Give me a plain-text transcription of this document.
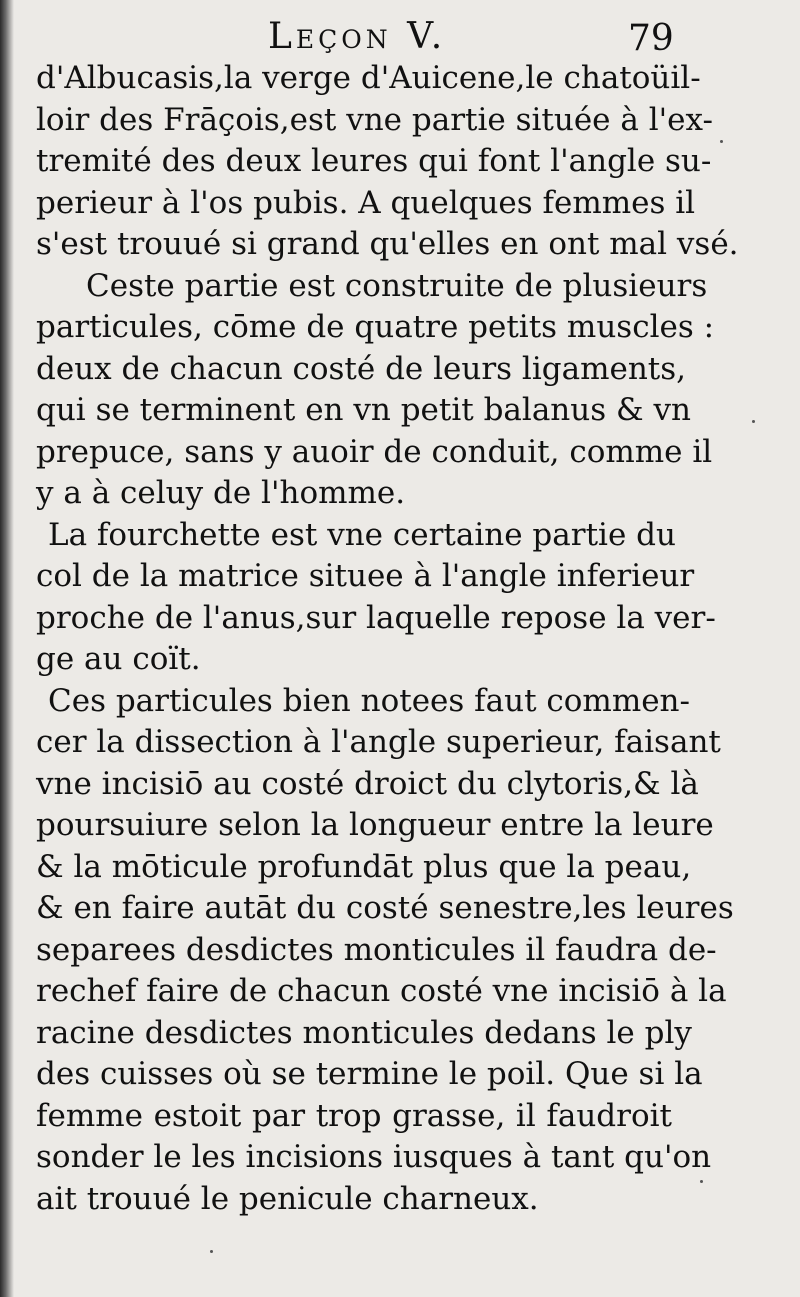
Leçon V.	79
d'Albucasis,la verge d'Auicene,le chatoüil-
loir des Frāçois,est vne partie située à l'ex-
tremité des deux leures qui font l'angle su-
perieur à l'os pubis. A quelques femmes il
s'est trouué si grand qu'elles en ont mal vsé.
Ceste partie est construite de plusieurs
particules, cōme de quatre petits muscles :
deux de chacun costé de leurs ligaments,
qui se terminent en vn petit balanus & vn
prepuce, sans y auoir de conduit, comme il
y a à celuy de l'homme.
La fourchette est vne certaine partie du
col de la matrice situee à l'angle inferieur
proche de l'anus,sur laquelle repose la ver-
ge au coït.
Ces particules bien notees faut commen-
cer la dissection à l'angle superieur, faisant
vne incisiō au costé droict du clytoris,& là
poursuiure selon la longueur entre la leure
& la mōticule profundāt plus que la peau,
& en faire autāt du costé senestre,les leures
separees desdictes monticules il faudra de-
rechef faire de chacun costé vne incisiō à la
racine desdictes monticules dedans le ply
des cuisses où se termine le poil. Que si la
femme estoit par trop grasse, il faudroit
sonder le les incisions iusques à tant qu'on
ait trouué le penicule charneux.
